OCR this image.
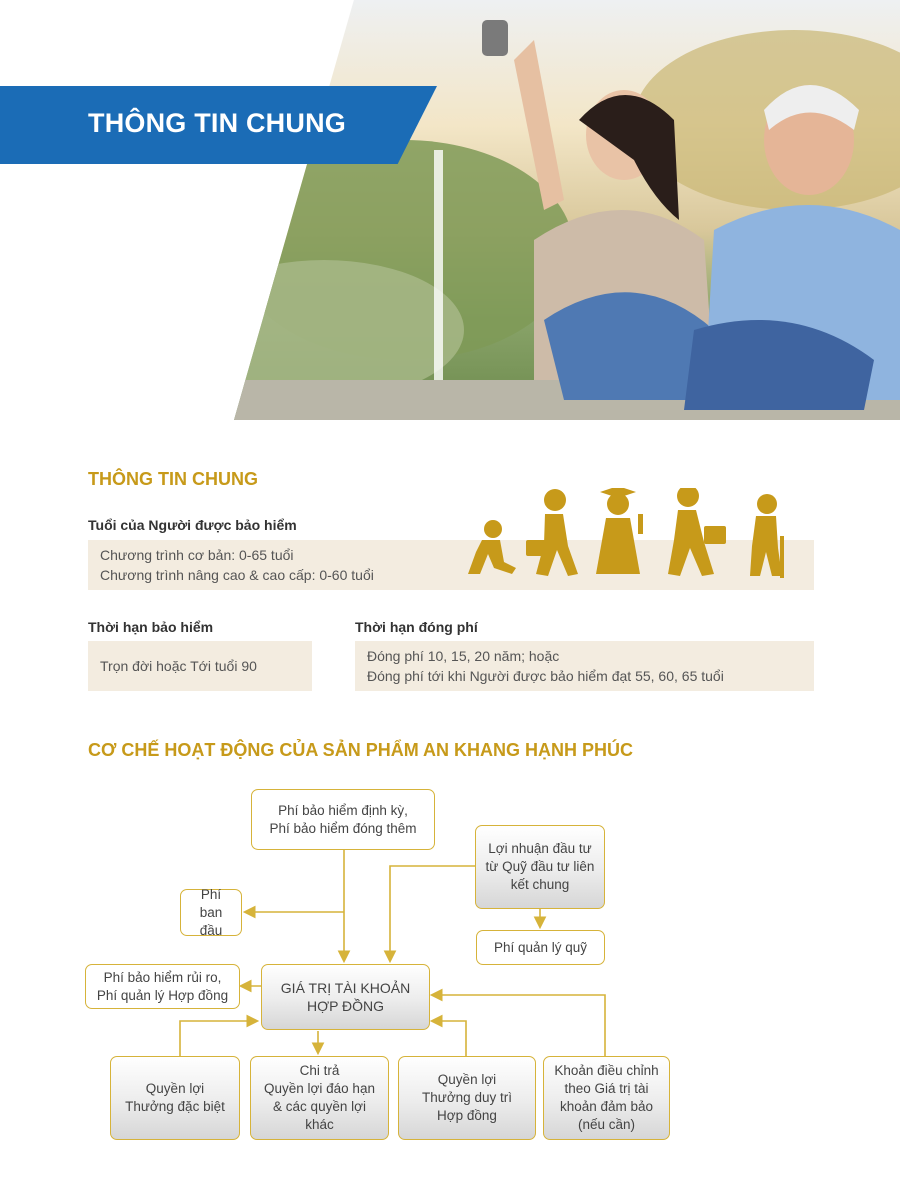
THÔNG TIN CHUNG
THÔNG TIN CHUNG
Tuổi của Người được bảo hiểm
Chương trình cơ bản: 0-65 tuổi
Chương trình nâng cao & cao cấp: 0-60 tuổi
Thời hạn bảo hiểm
Trọn đời hoặc Tới tuổi 90
Thời hạn đóng phí
Đóng phí 10, 15, 20 năm; hoặc
Đóng phí tới khi Người được bảo hiểm đạt 55, 60, 65 tuổi
CƠ CHẾ HOẠT ĐỘNG CỦA SẢN PHẨM AN KHANG HẠNH PHÚC
Phí bảo hiểm định kỳ,
Phí bảo hiểm đóng thêm
Lợi nhuận đầu tư
từ Quỹ đầu tư liên
kết chung
Phí
ban đầu
Phí quản lý quỹ
Phí bảo hiểm rủi ro,
Phí quản lý Hợp đồng	GIÁ TRỊ TÀI KHOẢN
HỢP ĐỒNG
Quyền lợi
Thưởng đặc biệt
Chi trả
Quyền lợi đáo hạn
& các quyền lợi
khác
Quyền lợi
Thưởng duy trì
Hợp đồng
Khoản điều chỉnh
theo Giá trị tài
khoản đảm bảo
(nếu cần)
